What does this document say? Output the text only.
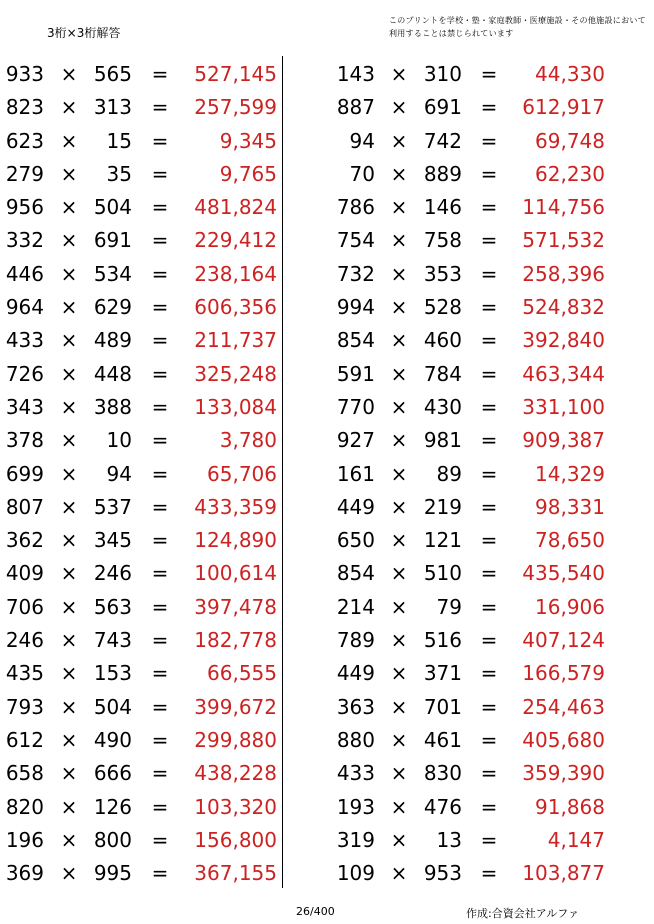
3桁×3桁解答
このプリントを学校・塾・家庭教師・医療施設・その他施設において利用することは禁じられています
933 × 565 =	527,145
823 × 313 =	257,599
623 ×	15 =	9,345
279 ×	35 =	9,765
956 × 504 =	481,824
332 × 691 =	229,412
446 × 534 =	238,164
964 × 629 =	606,356
433 × 489 =	211,737
726 × 448 =	325,248
343 × 388 =	133,084
378 ×	10 =	3,780
699 ×	94 =	65,706
807 × 537 =	433,359
362 × 345 =	124,890
409 × 246 =	100,614
706 × 563 =	397,478
246 × 743 =	182,778
435 × 153 =	66,555
793 × 504 =	399,672
612 × 490 =	299,880
658 × 666 =	438,228
820 × 126 =	103,320
196 × 800 =	156,800
369 × 995 =	367,155
143 × 310 =	44,330
887 × 691 =	612,917
94 × 742 =	69,748
70 × 889 =	62,230
786 × 146 =	114,756
754 × 758 =	571,532
732 × 353 =	258,396
994 × 528 =	524,832
854 × 460 =	392,840
591 × 784 =	463,344
770 × 430 =	331,100
927 × 981 =	909,387
161 ×	89 =	14,329
449 × 219 =	98,331
650 × 121 =	78,650
854 × 510 =	435,540
214 ×	79 =	16,906
789 × 516 =	407,124
449 × 371 =	166,579
363 × 701 =	254,463
880 × 461 =	405,680
433 × 830 =	359,390
193 × 476 =	91,868
319 ×	13 =	4,147
109 × 953 =	103,877
26/400	作成:合資会社アルファ
